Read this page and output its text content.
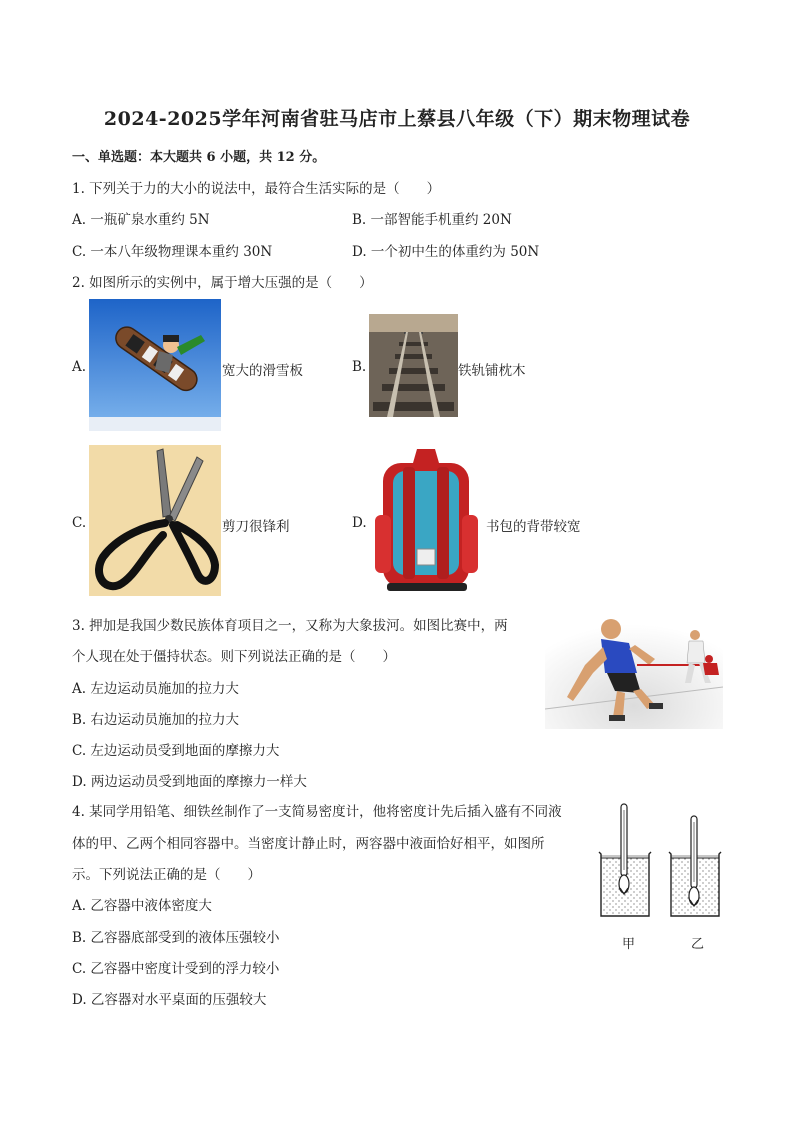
2024-2025学年河南省驻马店市上蔡县八年级（下）期末物理试卷
一、单选题：本大题共 6 小题，共 12 分。
1. 下列关于力的大小的说法中，最符合生活实际的是（　　）
A. 一瓶矿泉水重约 5N	B. 一部智能手机重约 20N
C. 一本八年级物理课本重约 30N	D. 一个初中生的体重约为 50N
2. 如图所示的实例中，属于增大压强的是（　　）
A.	宽大的滑雪板	B.	铁轨铺枕木
C.	剪刀很锋利	D.	书包的背带较宽
3. 押加是我国少数民族体育项目之一，又称为大象拔河。如图比赛中，两
个人现在处于僵持状态。则下列说法正确的是（　　）
A. 左边运动员施加的拉力大
B. 右边运动员施加的拉力大
C. 左边运动员受到地面的摩擦力大
D. 两边运动员受到地面的摩擦力一样大
4. 某同学用铅笔、细铁丝制作了一支简易密度计，他将密度计先后插入盛有不同液
体的甲、乙两个相同容器中。当密度计静止时，两容器中液面恰好相平，如图所
示。下列说法正确的是（　　）
A. 乙容器中液体密度大
B. 乙容器底部受到的液体压强较小
C. 乙容器中密度计受到的浮力较小
D. 乙容器对水平桌面的压强较大
甲	乙
